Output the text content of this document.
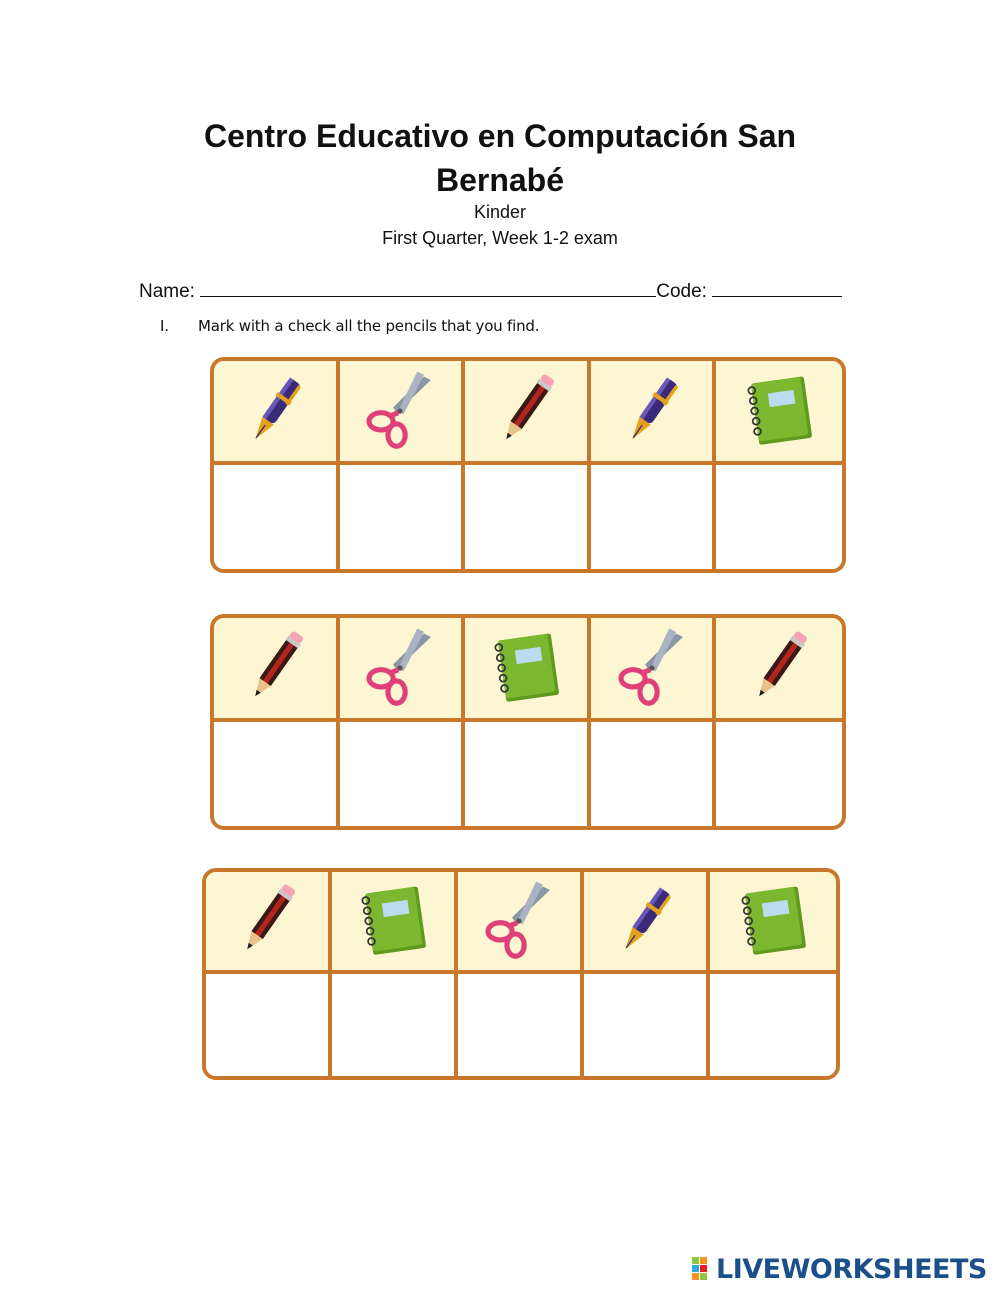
Centro Educativo en Computación San
Bernabé
Kinder
First Quarter, Week 1-2 exam
Name:	Code:
I. Mark with a check all the pencils that you find.
LIVEWORKSHEETS
